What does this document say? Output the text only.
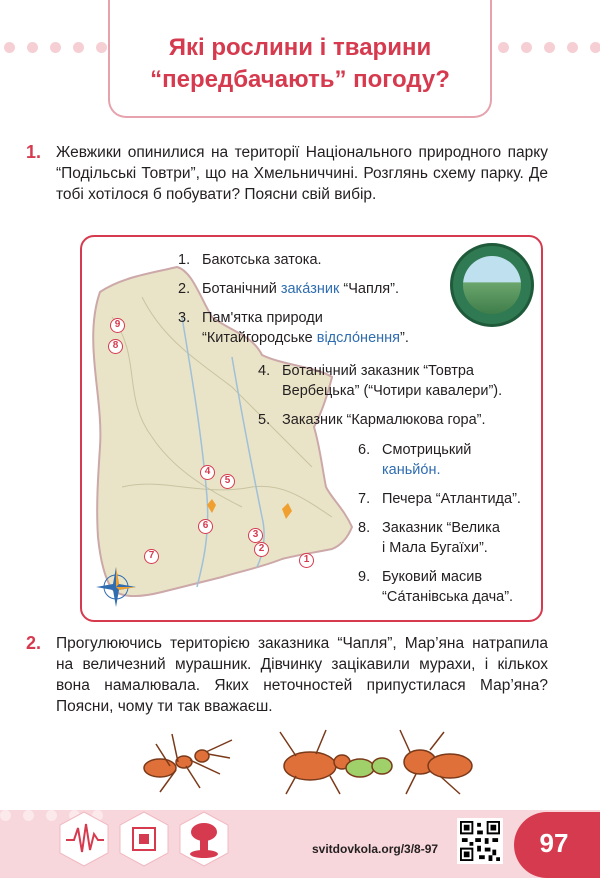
Які рослини і тварини
“передбачають” погоду?
1. Жевжики опинилися на території Національного природного парку “Подільські Товтри”, що на Хмельниччині. Розглянь схему парку. Де тобі хотілося б побувати? Поясни свій вибір.

9
8
4
5
6
3
2
1
7
1. Бакотська затока.
2. Ботанічний зака́зник “Чапля”.
3. Пам'ятка природи
“Китайгородське відсло́нення”.
4. Ботанічний заказник “Товтра
Вербецька” (“Чотири кавалери”).
5. Заказник “Кармалюкова гора”.
6. Смотрицький
каньйо́н.
7. Печера “Атлантида”.
8. Заказник “Велика
і Мала Бугаїхи”.
9. Буковий масив
“Са́танівська дача”.
2. Прогулюючись територією заказника “Чапля”, Мар’яна натрапила на величезний мурашник. Дівчинку зацікавили мурахи, і кількох вона намалювала. Яких неточностей припустилася Мар’яна? Поясни, чому ти так вважаєш.

svitdovkola.org/3/8-97	97
